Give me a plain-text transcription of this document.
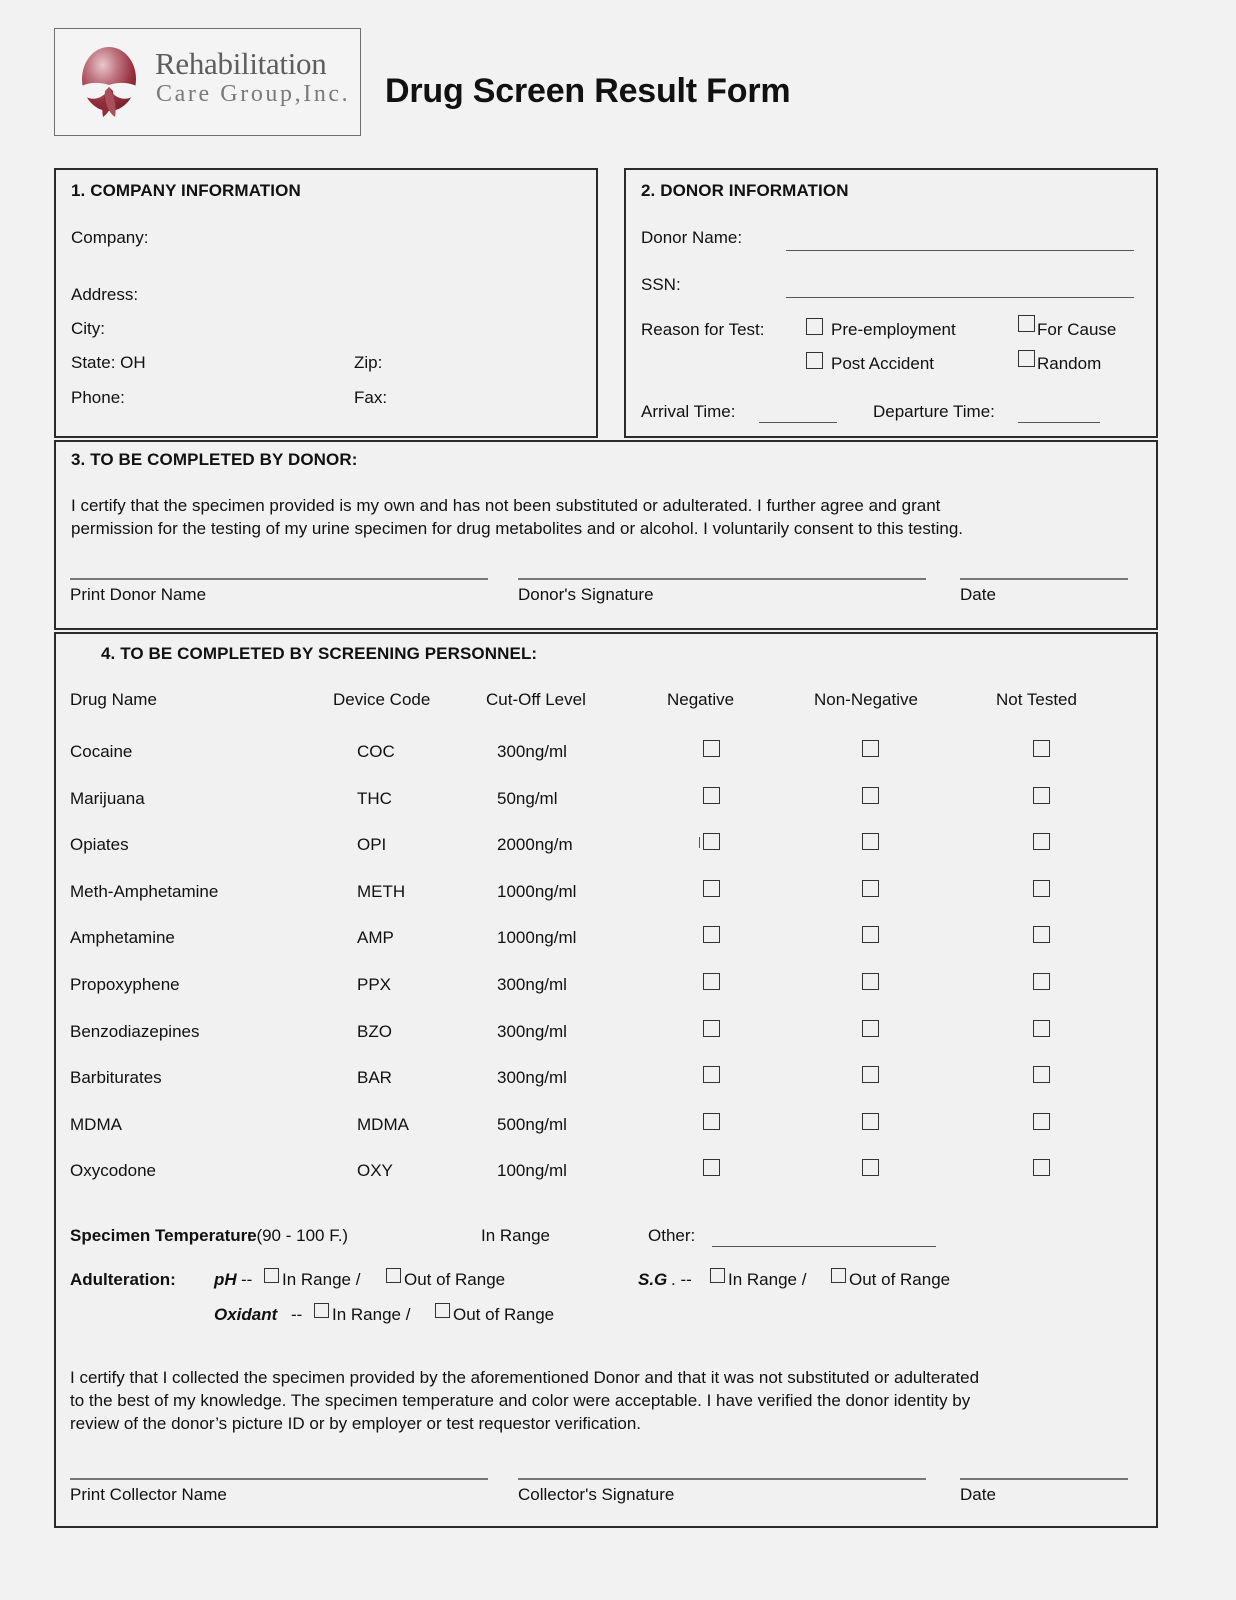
Rehabilitation
Care Group,Inc. Drug Screen Result Form
1. COMPANY INFORMATION
Company:
Address:
City:
State: OH	Zip:
Phone:	Fax:
2. DONOR INFORMATION
Donor Name:
SSN:
Reason for Test:	Pre-employment	For Cause
Post Accident	Random
Arrival Time:	Departure Time:
3. TO BE COMPLETED BY DONOR:
I certify that the specimen provided is my own and has not been substituted or adulterated. I further agree and grant
permission for the testing of my urine specimen for drug metabolites and or alcohol. I voluntarily consent to this testing.
Print Donor Name	Donor's Signature	Date
4. TO BE COMPLETED BY SCREENING PERSONNEL:
Drug Name	Device Code	Cut-Off Level	Negative	Non-Negative	Not Tested
Cocaine	COC	300ng/ml
Marijuana	THC	50ng/ml
Opiates	OPI	2000ng/m
Meth-Amphetamine	METH	1000ng/ml
Amphetamine	AMP	1000ng/ml
Propoxyphene	PPX	300ng/ml
Benzodiazepines	BZO	300ng/ml
Barbiturates	BAR	300ng/ml
MDMA	MDMA	500ng/ml
Oxycodone	OXY	100ng/ml
Specimen Temperature
: (90 - 100 F.)	In Range	Other:
Adulteration: pH -- In Range /	Out of Range	S.G . -- In Range /	Out of Range
Oxidant -- In Range /	Out of Range
I certify that I collected the specimen provided by the aforementioned Donor and that it was not substituted or adulterated
to the best of my knowledge. The specimen temperature and color were acceptable. I have verified the donor identity by
review of the donor’s picture ID or by employer or test requestor verification.
Print Collector Name	Collector's Signature	Date
